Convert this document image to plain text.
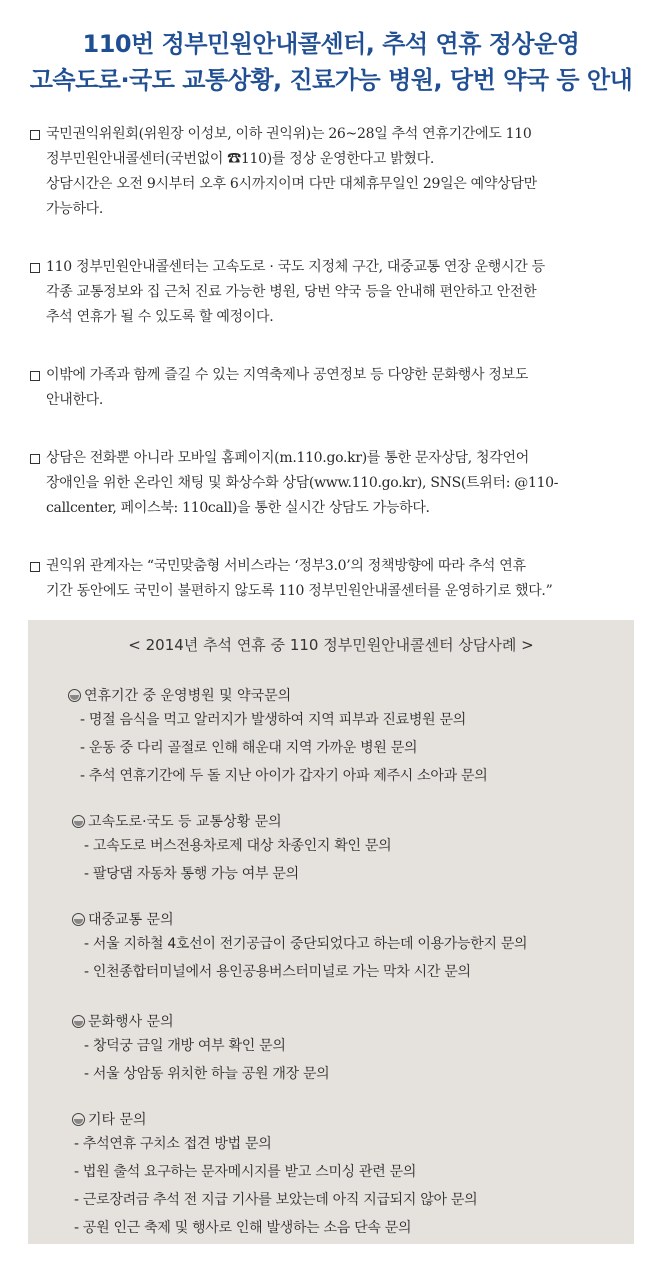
110번 정부민원안내콜센터, 추석 연휴 정상운영
고속도로·국도 교통상황, 진료가능 병원, 당번 약국 등 안내
국민권익위원회(위원장 이성보, 이하 권익위)는 26~28일 추석 연휴기간에도 110
정부민원안내콜센터(국번없이 ☎110)를 정상 운영한다고 밝혔다.
상담시간은 오전 9시부터 오후 6시까지이며 다만 대체휴무일인 29일은 예약상담만
가능하다.
110 정부민원안내콜센터는 고속도로 · 국도 지정체 구간, 대중교통 연장 운행시간 등
각종 교통정보와 집 근처 진료 가능한 병원, 당번 약국 등을 안내해 편안하고 안전한
추석 연휴가 될 수 있도록 할 예정이다.
이밖에 가족과 함께 즐길 수 있는 지역축제나 공연정보 등 다양한 문화행사 정보도
안내한다.
상담은 전화뿐 아니라 모바일 홈페이지(m.110.go.kr)를 통한 문자상담, 청각언어
장애인을 위한 온라인 채팅 및 화상수화 상담(www.110.go.kr), SNS(트위터: @110-
callcenter, 페이스북: 110call)을 통한 실시간 상담도 가능하다.
권익위 관계자는 “국민맞춤형 서비스라는 ‘정부3.0’의 정책방향에 따라 추석 연휴
기간 동안에도 국민이 불편하지 않도록 110 정부민원안내콜센터를 운영하기로 했다.”
< 2014년 추석 연휴 중 110 정부민원안내콜센터 상담사례 >
연휴기간 중 운영병원 및 약국문의
- 명절 음식을 먹고 알러지가 발생하여 지역 피부과 진료병원 문의
- 운동 중 다리 골절로 인해 해운대 지역 가까운 병원 문의
- 추석 연휴기간에 두 돌 지난 아이가 갑자기 아파 제주시 소아과 문의
고속도로·국도 등 교통상황 문의
- 고속도로 버스전용차로제 대상 차종인지 확인 문의
- 팔당댐 자동차 통행 가능 여부 문의
대중교통 문의
- 서울 지하철 4호선이 전기공급이 중단되었다고 하는데 이용가능한지 문의
- 인천종합터미널에서 용인공용버스터미널로 가는 막차 시간 문의
문화행사 문의
- 창덕궁 금일 개방 여부 확인 문의
- 서울 상암동 위치한 하늘 공원 개장 문의
기타 문의
- 추석연휴 구치소 접견 방법 문의
- 법원 출석 요구하는 문자메시지를 받고 스미싱 관련 문의
- 근로장려금 추석 전 지급 기사를 보았는데 아직 지급되지 않아 문의
- 공원 인근 축제 및 행사로 인해 발생하는 소음 단속 문의
